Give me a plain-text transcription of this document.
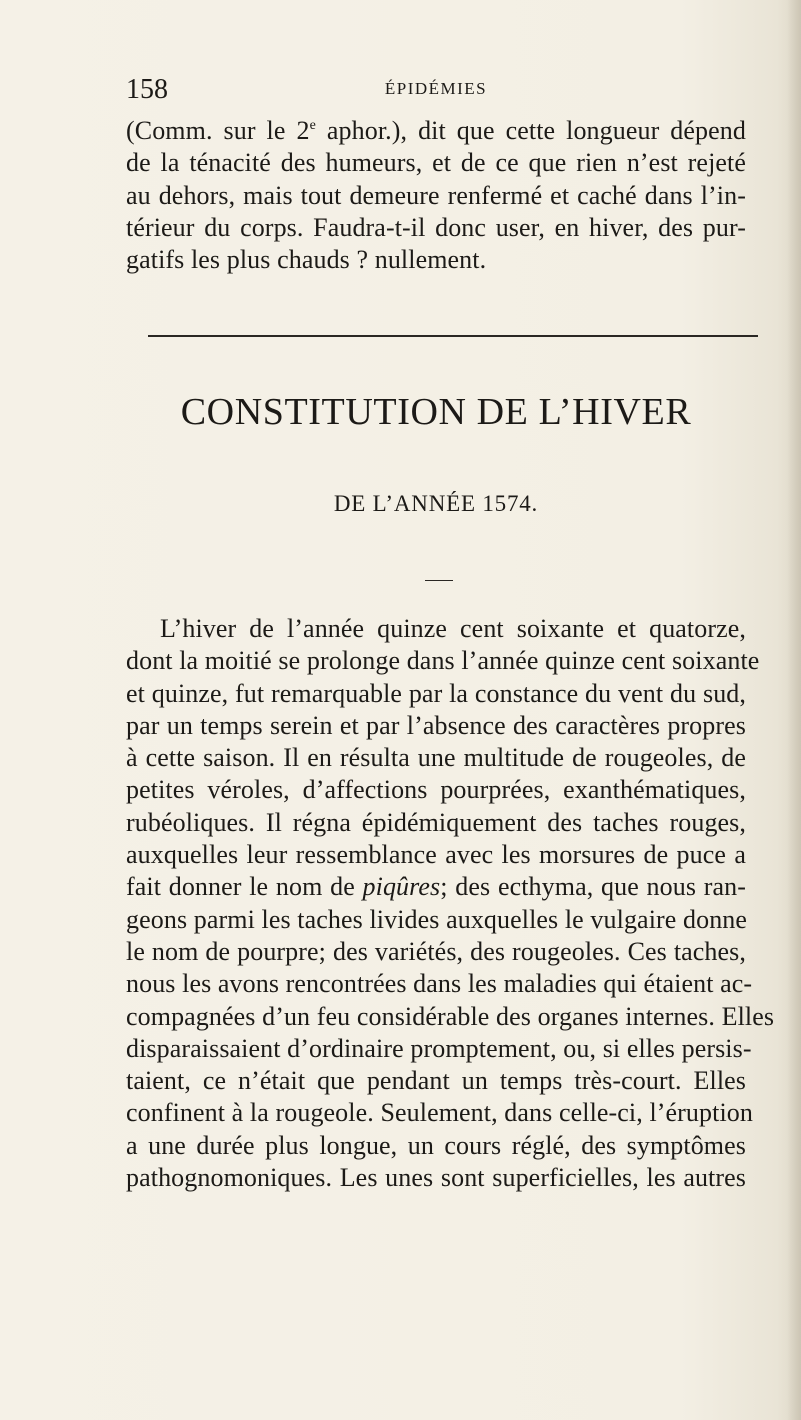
158	ÉPIDÉMIES
(Comm. sur le 2e aphor.), dit que cette longueur dépend
de la ténacité des humeurs, et de ce que rien n’est rejeté
au dehors, mais tout demeure renfermé et caché dans l’in-
térieur du corps. Faudra-t-il donc user, en hiver, des pur-
gatifs les plus chauds ? nullement.
CONSTITUTION DE L’HIVER
DE L’ANNÉE 1574.
L’hiver de l’année quinze cent soixante et quatorze,
dont la moitié se prolonge dans l’année quinze cent soixante
et quinze, fut remarquable par la constance du vent du sud,
par un temps serein et par l’absence des caractères propres
à cette saison. Il en résulta une multitude de rougeoles, de
petites véroles, d’affections pourprées, exanthématiques,
rubéoliques. Il régna épidémiquement des taches rouges,
auxquelles leur ressemblance avec les morsures de puce a
fait donner le nom de piqûres; des ecthyma, que nous ran-
geons parmi les taches livides auxquelles le vulgaire donne
le nom de pourpre; des variétés, des rougeoles. Ces taches,
nous les avons rencontrées dans les maladies qui étaient ac-
compagnées d’un feu considérable des organes internes. Elles
disparaissaient d’ordinaire promptement, ou, si elles persis-
taient, ce n’était que pendant un temps très-court. Elles
confinent à la rougeole. Seulement, dans celle-ci, l’éruption
a une durée plus longue, un cours réglé, des symptômes
pathognomoniques. Les unes sont superficielles, les autres
